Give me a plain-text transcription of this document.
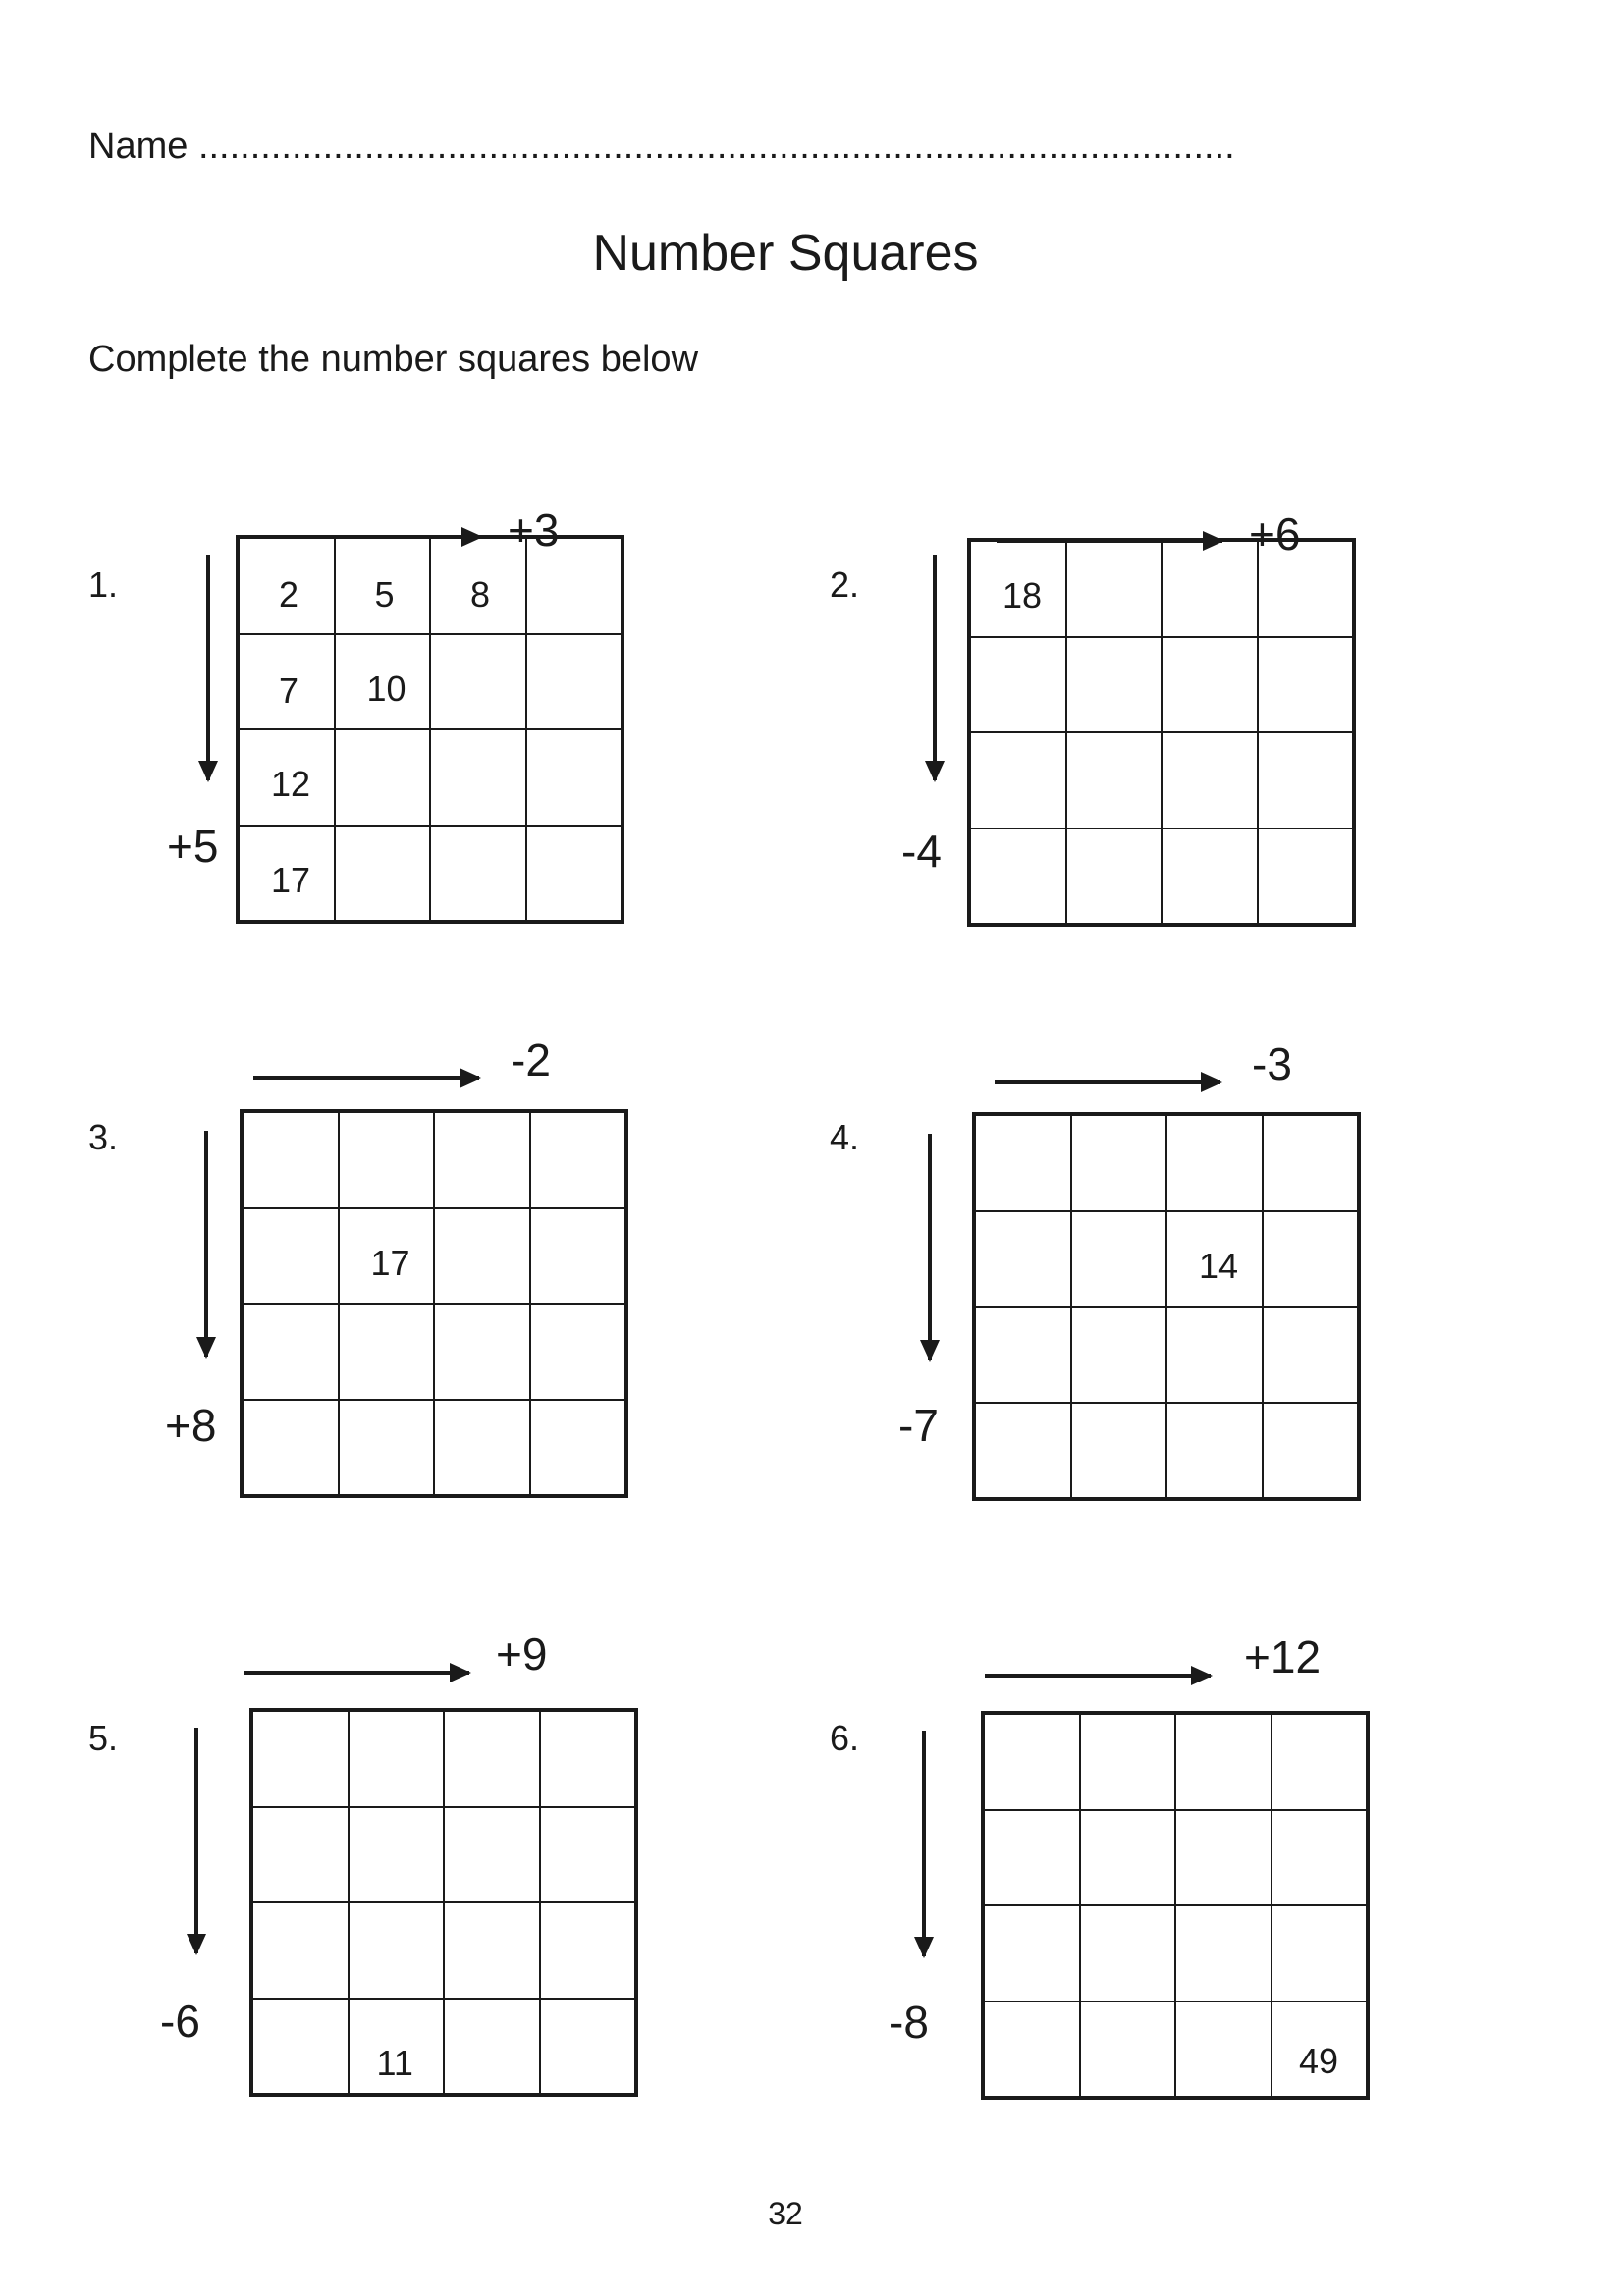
Name ....................................................................................................
Number Squares
Complete the number squares below
1.
+3
+5
2 5 8
7 10
12
17
2.
+6
-4
18
3.
-2
+8
17
4.
-3
-7
14
5.
+9
-6
11
6.
+12
-8
49
32
